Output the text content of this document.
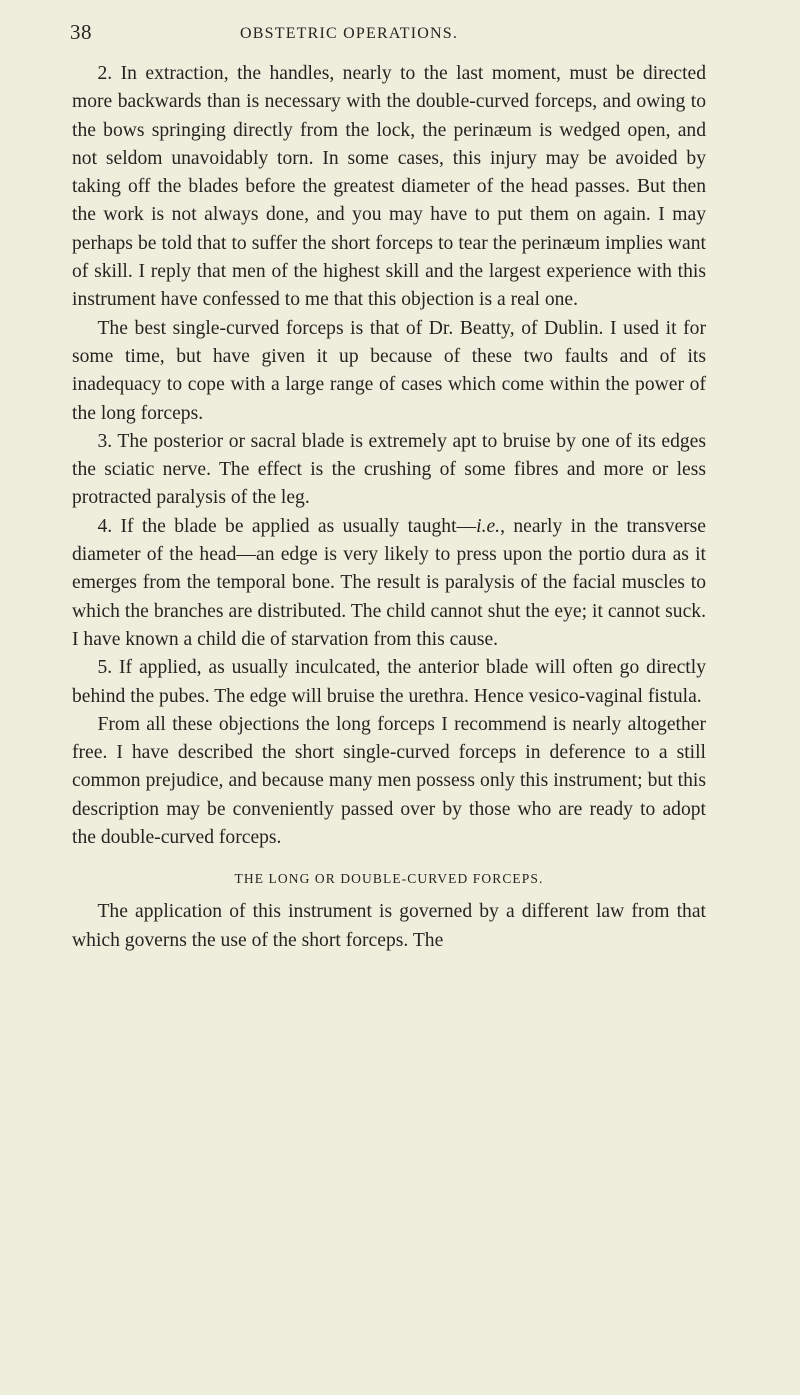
38	OBSTETRIC OPERATIONS.

2. In extraction, the handles, nearly to the last moment, must be directed more backwards than is necessary with the double-curved forceps, and owing to the bows springing directly from the lock, the perinæum is wedged open, and not seldom unavoidably torn. In some cases, this injury may be avoided by taking off the blades before the greatest diameter of the head passes. But then the work is not always done, and you may have to put them on again. I may perhaps be told that to suffer the short forceps to tear the perinæum implies want of skill. I reply that men of the highest skill and the largest experience with this instrument have confessed to me that this objection is a real one.

The best single-curved forceps is that of Dr. Beatty, of Dublin. I used it for some time, but have given it up because of these two faults and of its inadequacy to cope with a large range of cases which come within the power of the long forceps.

3. The posterior or sacral blade is extremely apt to bruise by one of its edges the sciatic nerve. The effect is the crushing of some fibres and more or less protracted paralysis of the leg.

4. If the blade be applied as usually taught—i.e., nearly in the transverse diameter of the head—an edge is very likely to press upon the portio dura as it emerges from the temporal bone. The result is paralysis of the facial muscles to which the branches are distributed. The child cannot shut the eye; it cannot suck. I have known a child die of starvation from this cause.

5. If applied, as usually inculcated, the anterior blade will often go directly behind the pubes. The edge will bruise the urethra. Hence vesico-vaginal fistula.

From all these objections the long forceps I recommend is nearly altogether free. I have described the short single-curved forceps in deference to a still common prejudice, and because many men possess only this instrument; but this description may be conveniently passed over by those who are ready to adopt the double-curved forceps.

THE LONG OR DOUBLE-CURVED FORCEPS.

The application of this instrument is governed by a different law from that which governs the use of the short forceps. The
